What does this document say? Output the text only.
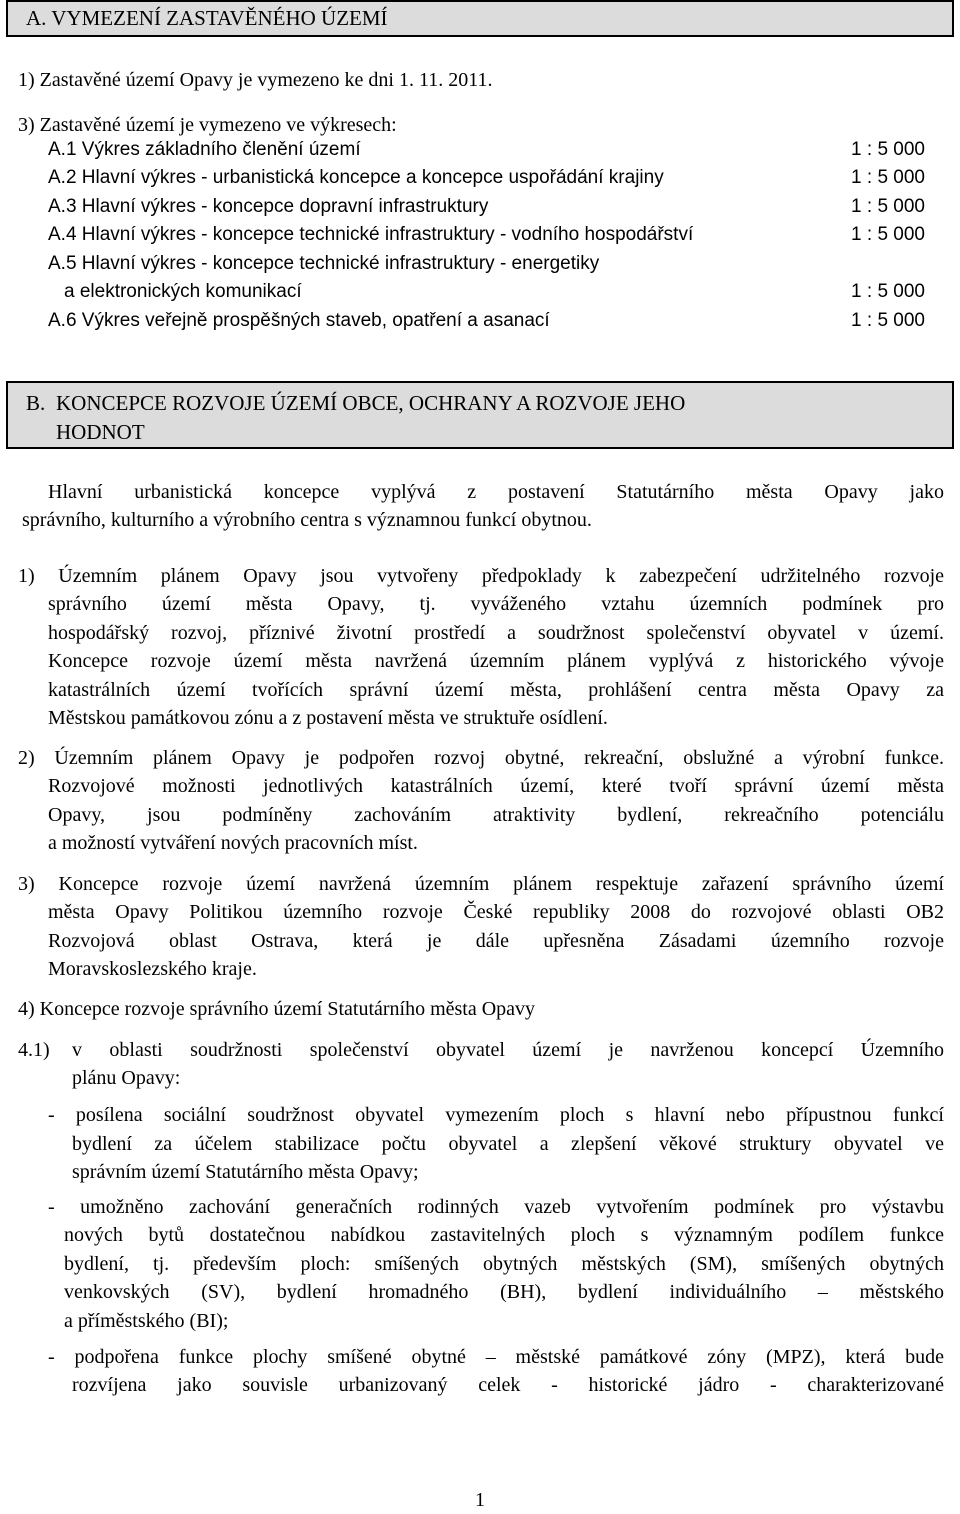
A. VYMEZENÍ ZASTAVĚNÉHO ÚZEMÍ
1) Zastavěné území Opavy je vymezeno ke dni 1. 11. 2011.
3) Zastavěné území je vymezeno ve výkresech:
A.1 Výkres základního členění území	1 : 5 000
A.2 Hlavní výkres - urbanistická koncepce a koncepce uspořádání krajiny	1 : 5 000
A.3 Hlavní výkres - koncepce dopravní infrastruktury	1 : 5 000
A.4 Hlavní výkres - koncepce technické infrastruktury - vodního hospodářství	1 : 5 000
A.5 Hlavní výkres - koncepce technické infrastruktury - energetiky
a elektronických komunikací	1 : 5 000
A.6 Výkres veřejně prospěšných staveb, opatření a asanací	1 : 5 000
B. KONCEPCE ROZVOJE ÚZEMÍ OBCE, OCHRANY A ROZVOJE JEHO
HODNOT
Hlavní urbanistická koncepce vyplývá z postavení Statutárního města Opavy jako
správního, kulturního a výrobního centra s významnou funkcí obytnou.
1) Územním plánem Opavy jsou vytvořeny předpoklady k zabezpečení udržitelného rozvoje
správního území města Opavy, tj. vyváženého vztahu územních podmínek pro
hospodářský rozvoj, příznivé životní prostředí a soudržnost společenství obyvatel v území.
Koncepce rozvoje území města navržená územním plánem vyplývá z historického vývoje
katastrálních území tvořících správní území města, prohlášení centra města Opavy za
Městskou památkovou zónu a z postavení města ve struktuře osídlení.
2) Územním plánem Opavy je podpořen rozvoj obytné, rekreační, obslužné a výrobní funkce.
Rozvojové možnosti jednotlivých katastrálních území, které tvoří správní území města
Opavy, jsou podmíněny zachováním atraktivity bydlení, rekreačního potenciálu
a možností vytváření nových pracovních míst.
3) Koncepce rozvoje území navržená územním plánem respektuje zařazení správního území
města Opavy Politikou územního rozvoje České republiky 2008 do rozvojové oblasti OB2
Rozvojová oblast Ostrava, která je dále upřesněna Zásadami územního rozvoje
Moravskoslezského kraje.
4) Koncepce rozvoje správního území Statutárního města Opavy
4.1) v oblasti soudržnosti společenství obyvatel území je navrženou koncepcí Územního
plánu Opavy:
- posílena sociální soudržnost obyvatel vymezením ploch s hlavní nebo přípustnou funkcí
bydlení za účelem stabilizace počtu obyvatel a zlepšení věkové struktury obyvatel ve
správním území Statutárního města Opavy;
- umožněno zachování generačních rodinných vazeb vytvořením podmínek pro výstavbu
nových bytů dostatečnou nabídkou zastavitelných ploch s významným podílem funkce
bydlení, tj. především ploch: smíšených obytných městských (SM), smíšených obytných
venkovských (SV), bydlení hromadného (BH), bydlení individuálního – městského
a příměstského (BI);
- podpořena funkce plochy smíšené obytné – městské památkové zóny (MPZ), která bude
rozvíjena jako souvisle urbanizovaný celek - historické jádro - charakterizované
1
